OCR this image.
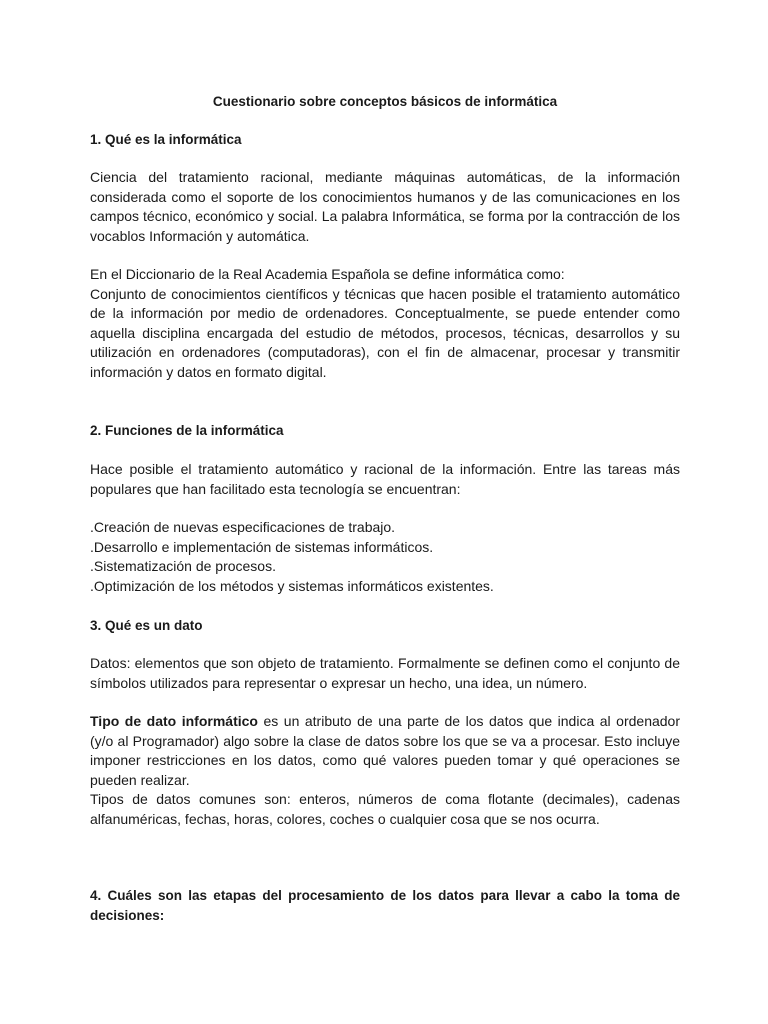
Cuestionario sobre conceptos básicos de informática

1. Qué es la informática

Ciencia del tratamiento racional, mediante máquinas automáticas, de la información considerada como el soporte de los conocimientos humanos y de las comunicaciones en los campos técnico, económico y social. La palabra Informática, se forma por la contracción de los vocablos Información y automática.

En el Diccionario de la Real Academia Española se define informática como:
Conjunto de conocimientos científicos y técnicas que hacen posible el tratamiento automático de la información por medio de ordenadores. Conceptualmente, se puede entender como aquella disciplina encargada del estudio de métodos, procesos, técnicas, desarrollos y su utilización en ordenadores (computadoras), con el fin de almacenar, procesar y transmitir información y datos en formato digital.

2. Funciones de la informática

Hace posible el tratamiento automático y racional de la información. Entre las tareas más populares que han facilitado esta tecnología se encuentran:

.Creación de nuevas especificaciones de trabajo.
.Desarrollo e implementación de sistemas informáticos.
.Sistematización de procesos.
.Optimización de los métodos y sistemas informáticos existentes.

3. Qué es un dato

Datos: elementos que son objeto de tratamiento. Formalmente se definen como el conjunto de símbolos utilizados para representar o expresar un hecho, una idea, un número.

Tipo de dato informático es un atributo de una parte de los datos que indica al ordenador (y/o al Programador) algo sobre la clase de datos sobre los que se va a procesar. Esto incluye imponer restricciones en los datos, como qué valores pueden tomar y qué operaciones se pueden realizar.
Tipos de datos comunes son: enteros, números de coma flotante (decimales), cadenas alfanuméricas, fechas, horas, colores, coches o cualquier cosa que se nos ocurra.

4. Cuáles son las etapas del procesamiento de los datos para llevar a cabo la toma de decisiones:
